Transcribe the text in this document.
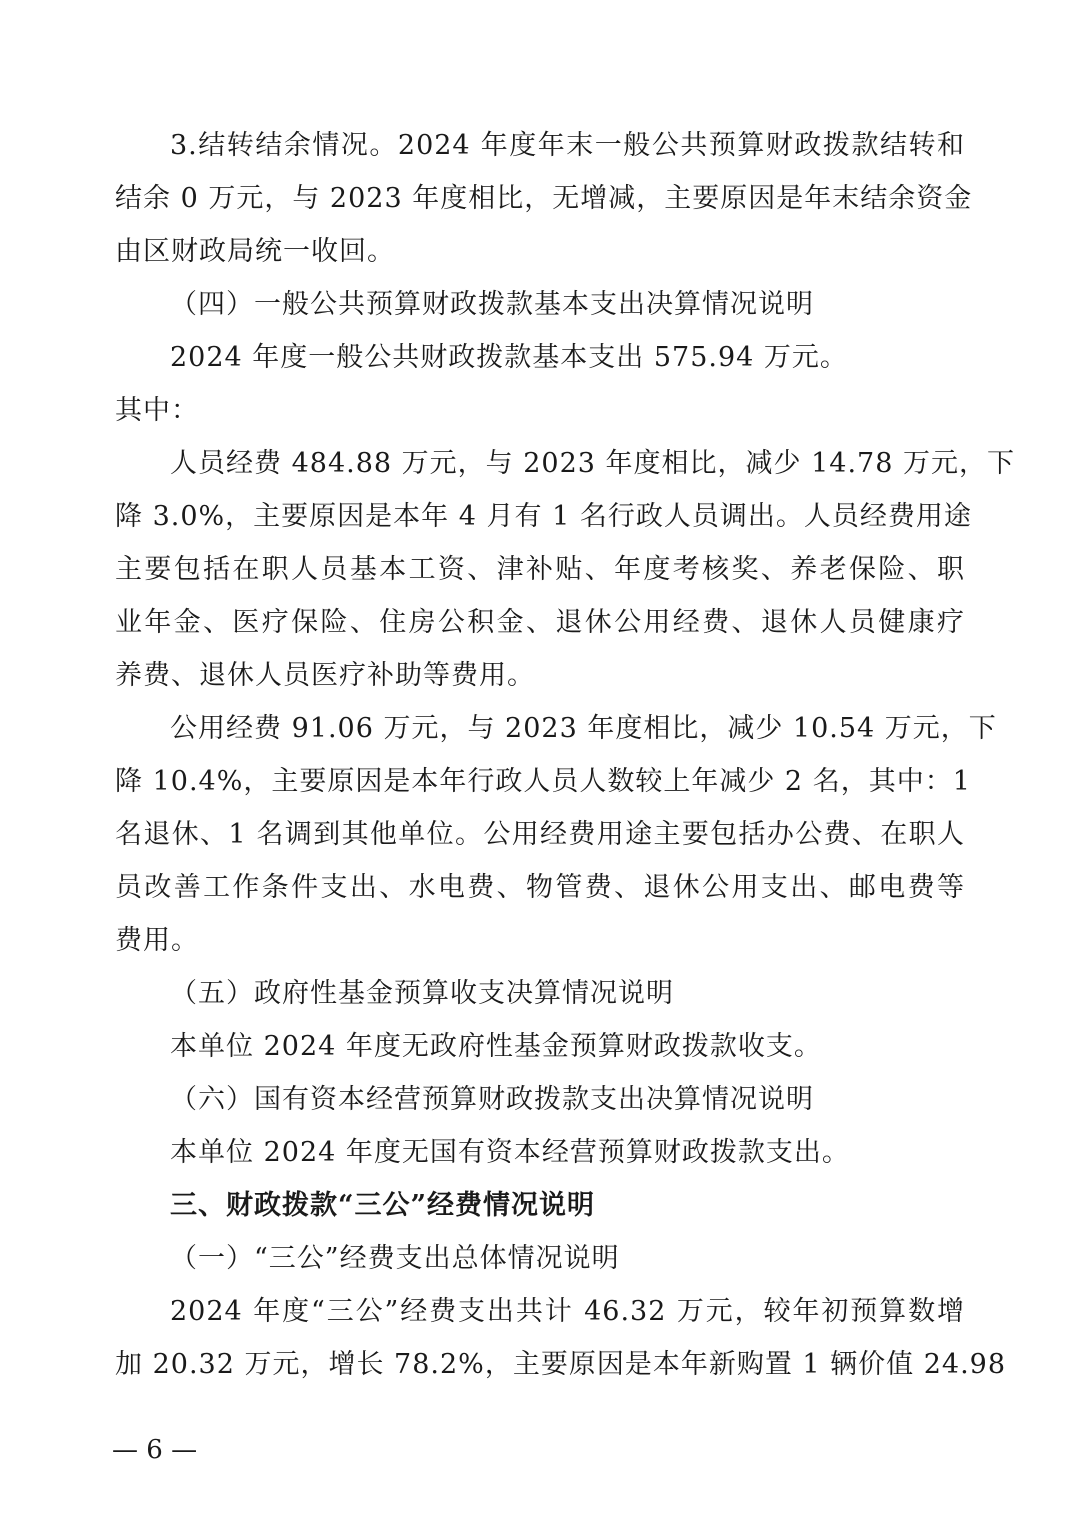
3.结转结余情况。2024 年度年末一般公共预算财政拨款结转和
结余 0 万元，与 2023 年度相比，无增减，主要原因是年末结余资金
由区财政局统一收回。
（四）一般公共预算财政拨款基本支出决算情况说明
2024 年度一般公共财政拨款基本支出 575.94 万元。
其中：
人员经费 484.88 万元，与 2023 年度相比，减少 14.78 万元，下
降 3.0%，主要原因是本年 4 月有 1 名行政人员调出。人员经费用途
主要包括在职人员基本工资、津补贴、年度考核奖、养老保险、职
业年金、医疗保险、住房公积金、退休公用经费、退休人员健康疗
养费、退休人员医疗补助等费用。
公用经费 91.06 万元，与 2023 年度相比，减少 10.54 万元，下
降 10.4%，主要原因是本年行政人员人数较上年减少 2 名，其中：1
名退休、1 名调到其他单位。公用经费用途主要包括办公费、在职人
员改善工作条件支出、水电费、物管费、退休公用支出、邮电费等
费用。
（五）政府性基金预算收支决算情况说明
本单位 2024 年度无政府性基金预算财政拨款收支。
（六）国有资本经营预算财政拨款支出决算情况说明
本单位 2024 年度无国有资本经营预算财政拨款支出。
三、财政拨款“三公”经费情况说明
（一）“三公”经费支出总体情况说明
2024 年度“三公”经费支出共计 46.32 万元，较年初预算数增
加 20.32 万元，增长 78.2%，主要原因是本年新购置 1 辆价值 24.98
— 6 —
